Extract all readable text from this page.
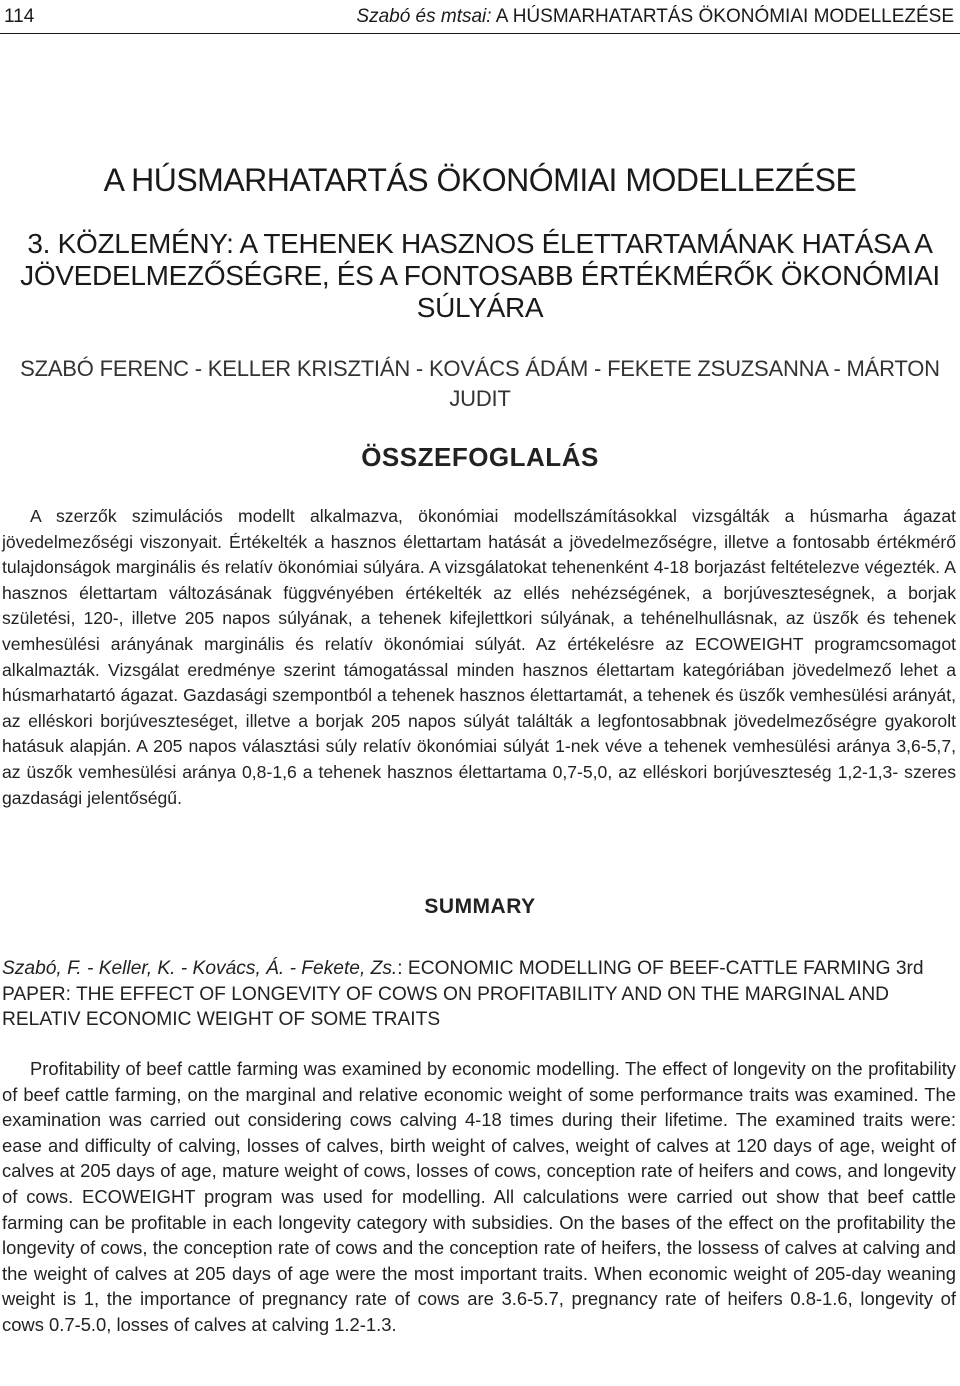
114	Szabó és mtsai: A HÚSMARHATARTÁS ÖKONÓMIAI MODELLEZÉSE
A HÚSMARHATARTÁS ÖKONÓMIAI MODELLEZÉSE
3. KÖZLEMÉNY: A TEHENEK HASZNOS ÉLETTARTAMÁNAK HATÁSA A JÖVEDELMEZŐSÉGRE, ÉS A FONTOSABB ÉRTÉKMÉRŐK ÖKONÓMIAI SÚLYÁRA
SZABÓ FERENC - KELLER KRISZTIÁN - KOVÁCS ÁDÁM - FEKETE ZSUZSANNA - MÁRTON JUDIT
ÖSSZEFOGLALÁS

A szerzők szimulációs modellt alkalmazva, ökonómiai modellszámításokkal vizsgálták a húsmarha ágazat jövedelmezőségi viszonyait. Értékelték a hasznos élettartam hatását a jövedelmezőségre, illetve a fontosabb értékmérő tulajdonságok marginális és relatív ökonómiai súlyára. A vizsgálatokat tehenenként 4-18 borjazást feltételezve végezték. A hasznos élettartam változásának függvényében értékelték az ellés nehézségének, a borjúveszteségnek, a borjak születési, 120-, illetve 205 napos súlyának, a tehenek kifejlettkori súlyának, a tehénelhullásnak, az üszők és tehenek vemhesülési arányának marginális és relatív ökonómiai súlyát. Az értékelésre az ECOWEIGHT programcsomagot alkalmazták. Vizsgálat eredménye szerint támogatással minden hasznos élettartam kategóriában jövedelmező lehet a húsmarhatartó ágazat. Gazdasági szempontból a tehenek hasznos élettartamát, a tehenek és üszők vemhesülési arányát, az elléskori borjúveszteséget, illetve a borjak 205 napos súlyát találták a legfontosabbnak jövedelmezőségre gyakorolt hatásuk alapján. A 205 napos választási súly relatív ökonómiai súlyát 1-nek véve a tehenek vemhesülési aránya 3,6-5,7, az üszők vemhesülési aránya 0,8-1,6 a tehenek hasznos élettartama 0,7-5,0, az elléskori borjúveszteség 1,2-1,3- szeres gazdasági jelentőségű.

SUMMARY

Szabó, F. - Keller, K. - Kovács, Á. - Fekete, Zs.: ECONOMIC MODELLING OF BEEF-CATTLE FARMING 3rd PAPER: THE EFFECT OF LONGEVITY OF COWS ON PROFITABILITY AND ON THE MARGINAL AND RELATIV ECONOMIC WEIGHT OF SOME TRAITS

Profitability of beef cattle farming was examined by economic modelling. The effect of longevity on the profitability of beef cattle farming, on the marginal and relative economic weight of some performance traits was examined. The examination was carried out considering cows calving 4-18 times during their lifetime. The examined traits were: ease and difficulty of calving, losses of calves, birth weight of calves, weight of calves at 120 days of age, weight of calves at 205 days of age, mature weight of cows, losses of cows, conception rate of heifers and cows, and longevity of cows. ECOWEIGHT program was used for modelling. All calculations were carried out show that beef cattle farming can be profitable in each longevity category with subsidies. On the bases of the effect on the profitability the longevity of cows, the conception rate of cows and the conception rate of heifers, the lossess of calves at calving and the weight of calves at 205 days of age were the most important traits. When economic weight of 205-day weaning weight is 1, the importance of pregnancy rate of cows are 3.6-5.7, pregnancy rate of heifers 0.8-1.6, longevity of cows 0.7-5.0, losses of calves at calving 1.2-1.3.
